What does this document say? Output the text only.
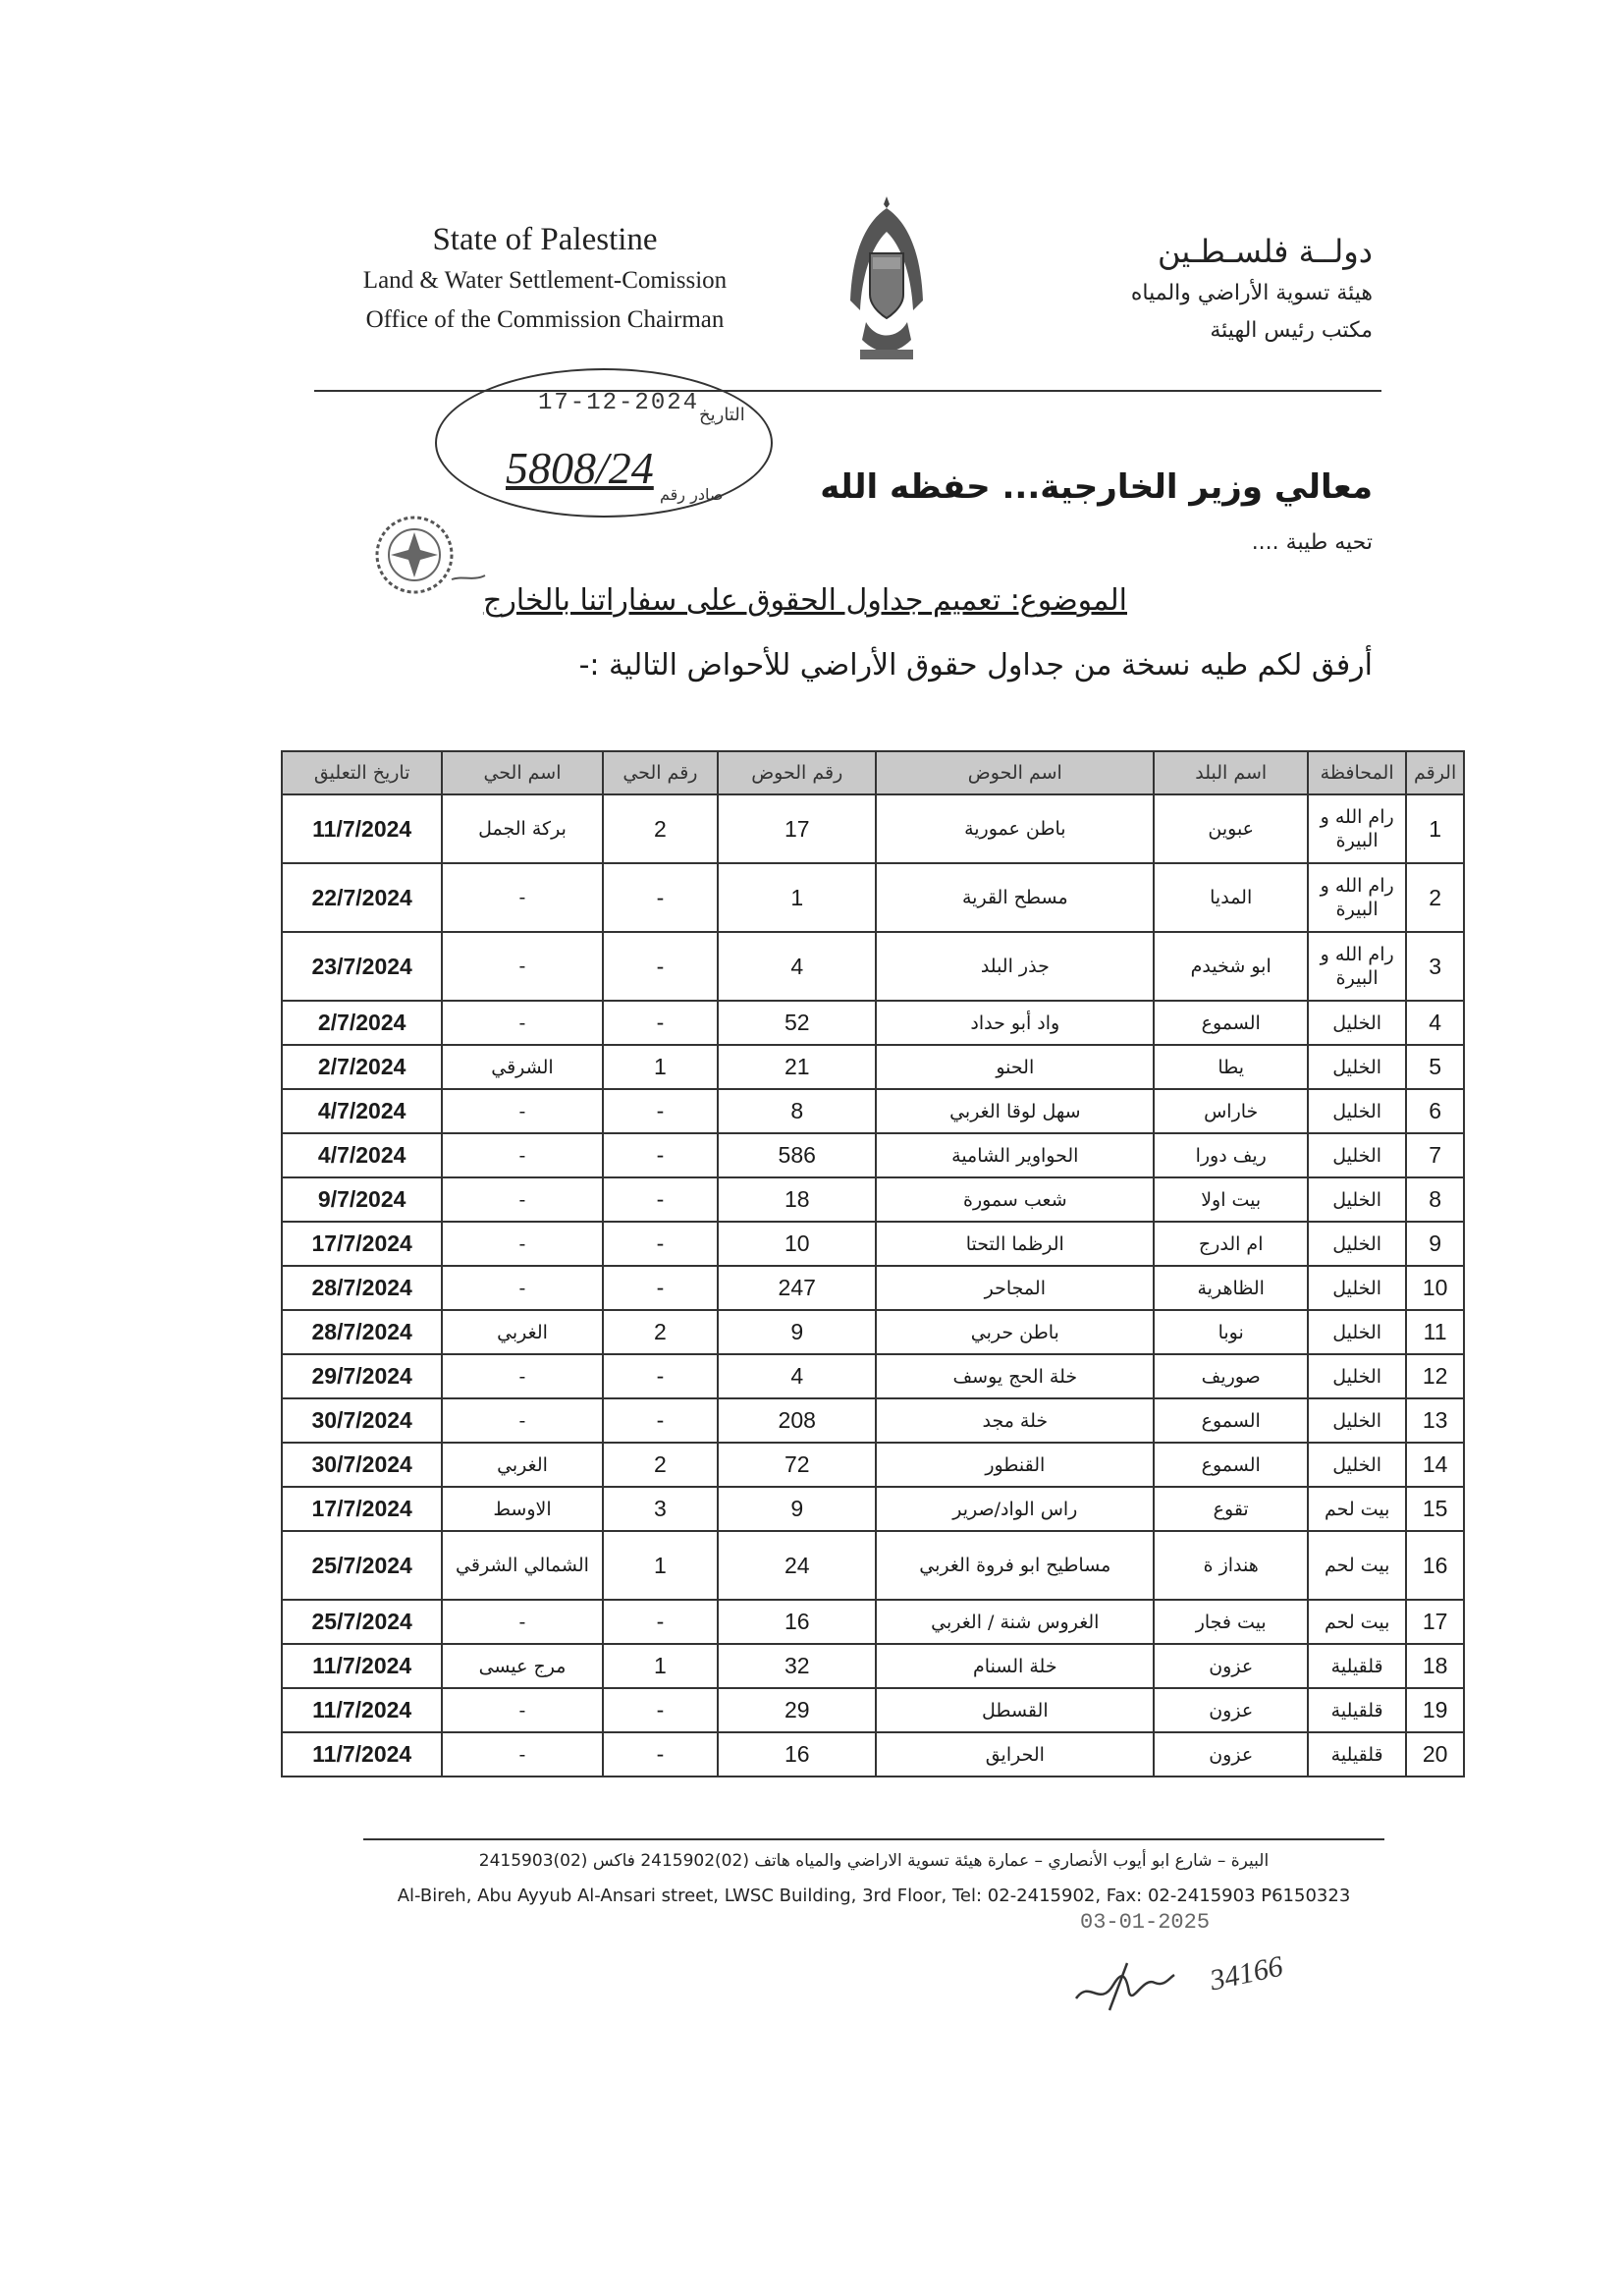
State of Palestine
Land & Water Settlement-Comission
Office of the Commission Chairman
دولــة فلسـطـين
هيئة تسوية الأراضي والمياه
مكتب رئيس الهيئة
17-12-2024 التاريخ
5808/24
صادر رقم	معالي وزير الخارجية... حفظه الله
تحيه طيبة ....
الموضوع: تعميم جداول الحقوق على سفاراتنا بالخارج
أرفق لكم طيه نسخة من جداول حقوق الأراضي للأحواض التالية :-
الرقم	المحافظة	اسم البلد	اسم الحوض	رقم الحوض	رقم الحي	اسم الحي	تاريخ التعليق
1	رام الله و البيرة	عبوين	باطن عمورية	17	2	بركة الجمل	11/7/2024
2	رام الله و البيرة	المديا	مسطح القرية	1	-	-	22/7/2024
3	رام الله و البيرة	ابو شخيدم	جذر البلد	4	-	-	23/7/2024
4	الخليل	السموع	واد أبو حداد	52	-	-	2/7/2024
5	الخليل	يطا	الحنو	21	1	الشرقي	2/7/2024
6	الخليل	خاراس	سهل لوقا الغربي	8	-	-	4/7/2024
7	الخليل	ريف دورا	الحواوير الشامية	586	-	-	4/7/2024
8	الخليل	بيت اولا	شعب سمورة	18	-	-	9/7/2024
9	الخليل	ام الدرج	الرظما التحتا	10	-	-	17/7/2024
10	الخليل	الظاهرية	المجاحر	247	-	-	28/7/2024
11	الخليل	نوبا	باطن حربي	9	2	الغربي	28/7/2024
12	الخليل	صوريف	خلة الحج يوسف	4	-	-	29/7/2024
13	الخليل	السموع	خلة مجد	208	-	-	30/7/2024
14	الخليل	السموع	القنطور	72	2	الغربي	30/7/2024
15	بيت لحم	تقوع	راس الواد/صرير	9	3	الاوسط	17/7/2024
16	بيت لحم	هنداز ة	مساطيح ابو فروة الغربي	24	1	الشمالي الشرقي	25/7/2024
17	بيت لحم	بيت فجار	الغروس شنة / الغربي	16	-	-	25/7/2024
18	قلقيلية	عزون	خلة السنام	32	1	مرج عيسى	11/7/2024
19	قلقيلية	عزون	القسطل	29	-	-	11/7/2024
20	قلقيلية	عزون	الحرايق	16	-	-	11/7/2024
البيرة – شارع ابو أيوب الأنصاري – عمارة هيئة تسوية الاراضي والمياه هاتف (02)2415902 فاكس (02)2415903
Al-Bireh, Abu Ayyub Al-Ansari street, LWSC Building, 3rd Floor, Tel: 02-2415902, Fax: 02-2415903 P6150323
03-01-2025
34166
